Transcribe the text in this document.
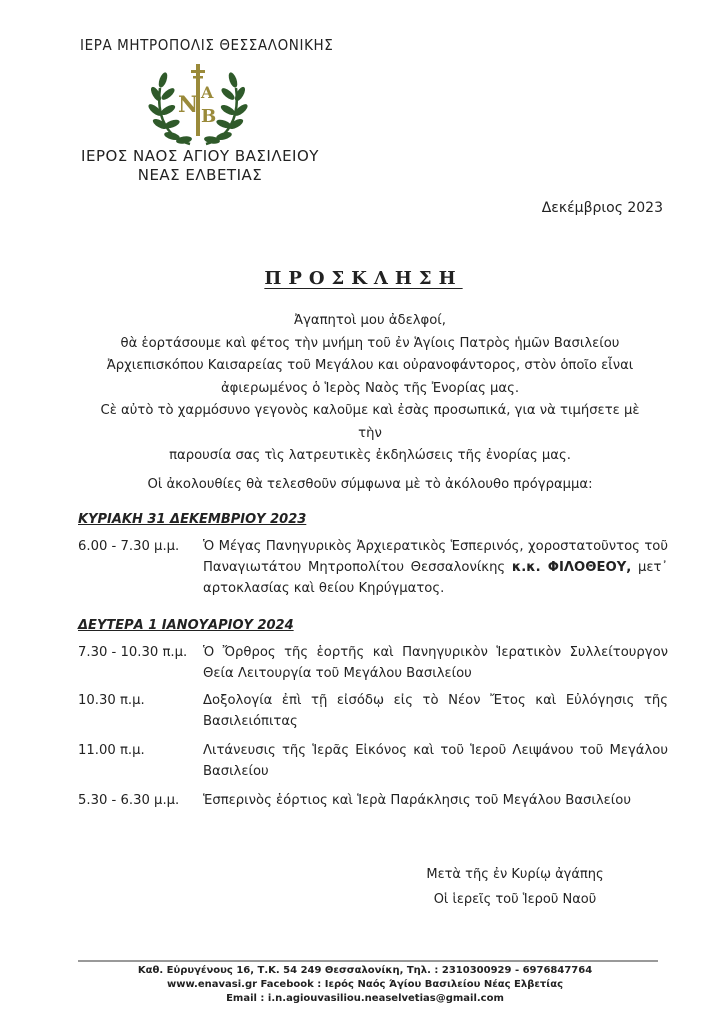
ΙΕΡΑ ΜΗΤΡΟΠΟΛΙΣ ΘΕΣΣΑΛΟΝΙΚΗΣ
N Α
Β
ΙΕΡΟΣ ΝΑΟΣ ΑΓΙΟΥ ΒΑΣΙΛΕΙΟΥ
ΝΕΑΣ ΕΛΒΕΤΙΑΣ
Δεκέμβριος 2023
ΠΡΟΣΚΛΗΣΗ

Ἀγαπητοὶ μου ἀδελφοί,

θὰ ἑορτάσουμε καὶ φέτος τὴν μνήμη τοῦ ἐν Ἁγίοις Πατρὸς ἡμῶν Βασιλείου

Ἀρχιεπισκόπου Καισαρείας τοῦ Μεγάλου και οὐρανοφάντορος, στὸν ὁποῖο εἶναι

ἀφιερωμένος ὁ Ἱερὸς Ναὸς τῆς Ἐνορίας μας.

Cὲ αὐτὸ τὸ χαρμόσυνο γεγονὸς καλοῦμε καὶ ἐσὰς προσωπικά, για νὰ τιμήσετε μὲ τὴν

παρουσία σας τὶς λατρευτικὲς ἐκδηλώσεις τῆς ἐνορίας μας.

Οἱ ἀκολουθίες θὰ τελεσθοῦν σύμφωνα μὲ τὸ ἀκόλουθο πρόγραμμα:

ΚΥΡΙΑΚΗ 31 ΔΕΚΕΜΒΡΙΟΥ 2023
6.00 - 7.30 μ.μ.	Ὁ Μέγας Πανηγυρικὸς Ἀρχιερατικὸς Ἑσπερινός, χοροστατοῦντος τοῦ Παναγιωτάτου Μητροπολίτου Θεσσαλονίκης κ.κ. ΦΙΛΟΘΕΟΥ, μετ᾽ αρτοκλασίας καὶ θείου Κηρύγματος.
ΔΕΥΤΕΡΑ 1 ΙΑΝΟΥΑΡΙΟΥ 2024
7.30 - 10.30 π.μ.	Ὁ Ὄρθρος τῆς ἑορτῆς καὶ Πανηγυρικὸν Ἱερατικὸν Συλλείτουργον Θεία Λειτουργία τοῦ Μεγάλου Βασιλείου
10.30 π.μ.	Δοξολογία ἐπὶ τῇ εἰσόδῳ εἰς τὸ Νέον Ἔτος καὶ Εὐλόγησις τῆς Βασιλειόπιτας
11.00 π.μ.	Λιτάνευσις τῆς Ἱερᾶς Εἰκόνος καὶ τοῦ Ἱεροῦ Λειψάνου τοῦ Μεγάλου Βασιλείου
5.30 - 6.30 μ.μ.	Ἑσπερινὸς ἑόρτιος καὶ Ἱερὰ Παράκλησις τοῦ Μεγάλου Βασιλείου
Μετὰ τῆς ἐν Κυρίῳ ἀγάπης
Οἱ ἱερεῖς τοῦ Ἱεροῦ Ναοῦ
Καθ. Εὐρυγένους 16, Τ.Κ. 54 249 Θεσσαλονίκη, Τηλ. : 2310300929 - 6976847764
www.enavasi.gr Facebook : Ιερός Ναός Άγίου Βασιλείου Νέας Ελβετίας
Email : i.n.agiouvasiliou.neaselvetias@gmail.com
